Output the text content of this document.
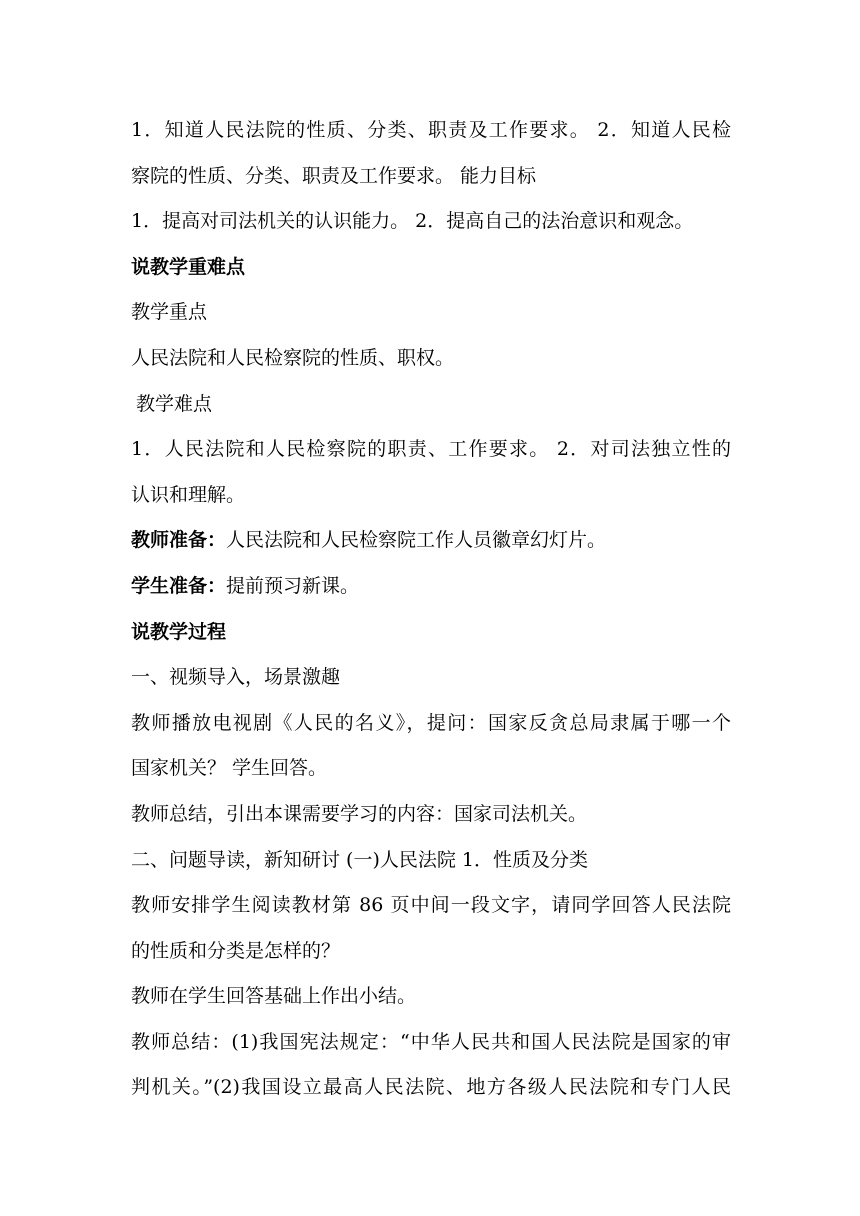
1．知道人民法院的性质、分类、职责及工作要求。 2．知道人民检
察院的性质、分类、职责及工作要求。 能力目标
1．提高对司法机关的认识能力。 2．提高自己的法治意识和观念。
说教学重难点
教学重点
人民法院和人民检察院的性质、职权。
教学难点
1．人民法院和人民检察院的职责、工作要求。 2．对司法独立性的
认识和理解。
教师准备：人民法院和人民检察院工作人员徽章幻灯片。
学生准备：提前预习新课。
说教学过程
一、视频导入，场景激趣
教师播放电视剧《人民的名义》，提问：国家反贪总局隶属于哪一个
国家机关？ 学生回答。
教师总结，引出本课需要学习的内容：国家司法机关。
二、问题导读，新知研讨 (一)人民法院 1．性质及分类
教师安排学生阅读教材第 86 页中间一段文字，请同学回答人民法院
的性质和分类是怎样的？
教师在学生回答基础上作出小结。
教师总结：(1)我国宪法规定：“中华人民共和国人民法院是国家的审
判机关。”(2)我国设立最高人民法院、地方各级人民法院和专门人民
